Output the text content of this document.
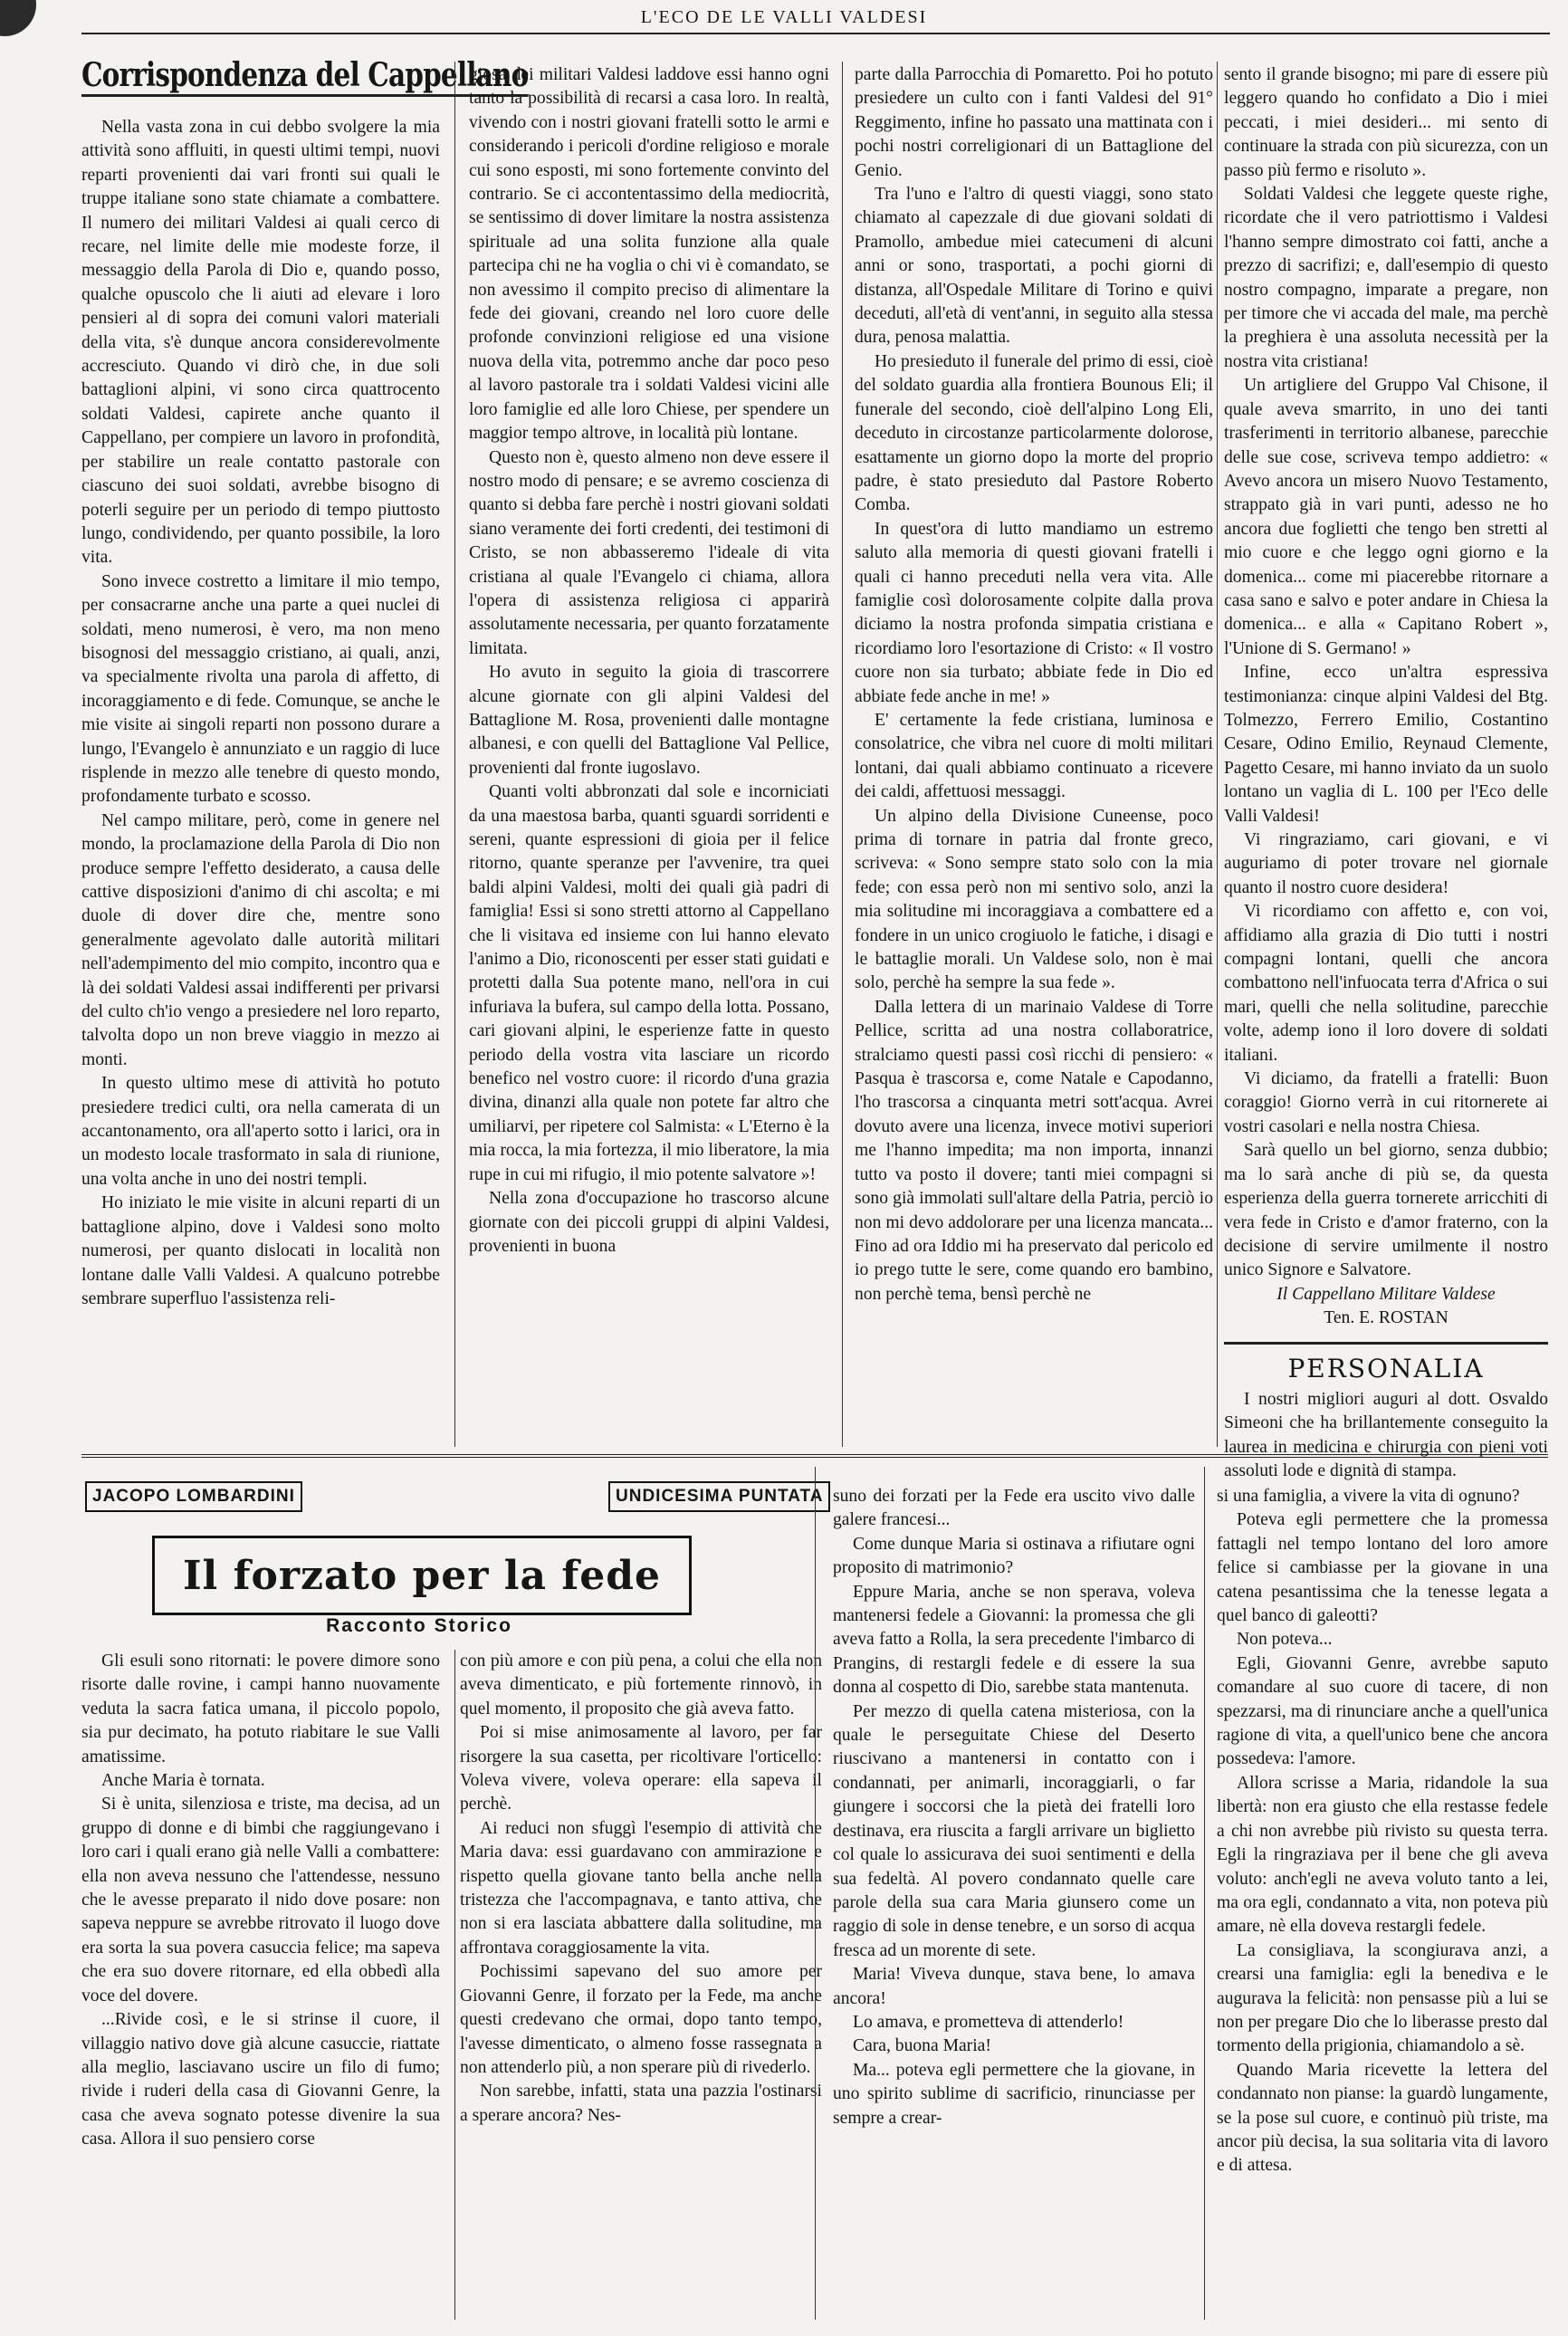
L'ECO DE LE VALLI VALDESI
Corrispondenza del Cappellano

Nella vasta zona in cui debbo svolgere la mia attività sono affluiti, in questi ultimi tempi, nuovi reparti provenienti dai vari fronti sui quali le truppe italiane sono state chiamate a combattere. Il numero dei militari Valdesi ai quali cerco di recare, nel limite delle mie modeste forze, il messaggio della Parola di Dio e, quando posso, qualche opuscolo che li aiuti ad elevare i loro pensieri al di sopra dei comuni valori materiali della vita, s'è dunque ancora considerevolmente accresciuto. Quando vi dirò che, in due soli battaglioni alpini, vi sono circa quattrocento soldati Valdesi, capirete anche quanto il Cappellano, per compiere un lavoro in profondità, per stabilire un reale contatto pastorale con ciascuno dei suoi soldati, avrebbe bisogno di poterli seguire per un periodo di tempo piuttosto lungo, condividendo, per quanto possibile, la loro vita.

Sono invece costretto a limitare il mio tempo, per consacrarne anche una parte a quei nuclei di soldati, meno numerosi, è vero, ma non meno bisognosi del messaggio cristiano, ai quali, anzi, va specialmente rivolta una parola di affetto, di incoraggiamento e di fede. Comunque, se anche le mie visite ai singoli reparti non possono durare a lungo, l'Evangelo è annunziato e un raggio di luce risplende in mezzo alle tenebre di questo mondo, profondamente turbato e scosso.

Nel campo militare, però, come in genere nel mondo, la proclamazione della Parola di Dio non produce sempre l'effetto desiderato, a causa delle cattive disposizioni d'animo di chi ascolta; e mi duole di dover dire che, mentre sono generalmente agevolato dalle autorità militari nell'adempimento del mio compito, incontro qua e là dei soldati Valdesi assai indifferenti per privarsi del culto ch'io vengo a presiedere nel loro reparto, talvolta dopo un non breve viaggio in mezzo ai monti.

In questo ultimo mese di attività ho potuto presiedere tredici culti, ora nella camerata di un accantonamento, ora all'aperto sotto i larici, ora in un modesto locale trasformato in sala di riunione, una volta anche in uno dei nostri templi.

Ho iniziato le mie visite in alcuni reparti di un battaglione alpino, dove i Valdesi sono molto numerosi, per quanto dislocati in località non lontane dalle Valli Valdesi. A qualcuno potrebbe sembrare superfluo l'assistenza reli-

giosa dei militari Valdesi laddove essi hanno ogni tanto la possibilità di recarsi a casa loro. In realtà, vivendo con i nostri giovani fratelli sotto le armi e considerando i pericoli d'ordine religioso e morale cui sono esposti, mi sono fortemente convinto del contrario. Se ci accontentassimo della mediocrità, se sentissimo di dover limitare la nostra assistenza spirituale ad una solita funzione alla quale partecipa chi ne ha voglia o chi vi è comandato, se non avessimo il compito preciso di alimentare la fede dei giovani, creando nel loro cuore delle profonde convinzioni religiose ed una visione nuova della vita, potremmo anche dar poco peso al lavoro pastorale tra i soldati Valdesi vicini alle loro famiglie ed alle loro Chiese, per spendere un maggior tempo altrove, in località più lontane.

Questo non è, questo almeno non deve essere il nostro modo di pensare; e se avremo coscienza di quanto si debba fare perchè i nostri giovani soldati siano veramente dei forti credenti, dei testimoni di Cristo, se non abbasseremo l'ideale di vita cristiana al quale l'Evangelo ci chiama, allora l'opera di assistenza religiosa ci apparirà assolutamente necessaria, per quanto forzatamente limitata.

Ho avuto in seguito la gioia di trascorrere alcune giornate con gli alpini Valdesi del Battaglione M. Rosa, provenienti dalle montagne albanesi, e con quelli del Battaglione Val Pellice, provenienti dal fronte iugoslavo.

Quanti volti abbronzati dal sole e incorniciati da una maestosa barba, quanti sguardi sorridenti e sereni, quante espressioni di gioia per il felice ritorno, quante speranze per l'avvenire, tra quei baldi alpini Valdesi, molti dei quali già padri di famiglia! Essi si sono stretti attorno al Cappellano che li visitava ed insieme con lui hanno elevato l'animo a Dio, riconoscenti per esser stati guidati e protetti dalla Sua potente mano, nell'ora in cui infuriava la bufera, sul campo della lotta. Possano, cari giovani alpini, le esperienze fatte in questo periodo della vostra vita lasciare un ricordo benefico nel vostro cuore: il ricordo d'una grazia divina, dinanzi alla quale non potete far altro che umiliarvi, per ripetere col Salmista: « L'Eterno è la mia rocca, la mia fortezza, il mio liberatore, la mia rupe in cui mi rifugio, il mio potente salvatore »!

Nella zona d'occupazione ho trascorso alcune giornate con dei piccoli gruppi di alpini Valdesi, provenienti in buona

parte dalla Parrocchia di Pomaretto. Poi ho potuto presiedere un culto con i fanti Valdesi del 91° Reggimento, infine ho passato una mattinata con i pochi nostri correligionari di un Battaglione del Genio.

Tra l'uno e l'altro di questi viaggi, sono stato chiamato al capezzale di due giovani soldati di Pramollo, ambedue miei catecumeni di alcuni anni or sono, trasportati, a pochi giorni di distanza, all'Ospedale Militare di Torino e quivi deceduti, all'età di vent'anni, in seguito alla stessa dura, penosa malattia.

Ho presieduto il funerale del primo di essi, cioè del soldato guardia alla frontiera Bounous Eli; il funerale del secondo, cioè dell'alpino Long Eli, deceduto in circostanze particolarmente dolorose, esattamente un giorno dopo la morte del proprio padre, è stato presieduto dal Pastore Roberto Comba.

In quest'ora di lutto mandiamo un estremo saluto alla memoria di questi giovani fratelli i quali ci hanno preceduti nella vera vita. Alle famiglie così dolorosamente colpite dalla prova diciamo la nostra profonda simpatia cristiana e ricordiamo loro l'esortazione di Cristo: « Il vostro cuore non sia turbato; abbiate fede in Dio ed abbiate fede anche in me! »

E' certamente la fede cristiana, luminosa e consolatrice, che vibra nel cuore di molti militari lontani, dai quali abbiamo continuato a ricevere dei caldi, affettuosi messaggi.

Un alpino della Divisione Cuneense, poco prima di tornare in patria dal fronte greco, scriveva: « Sono sempre stato solo con la mia fede; con essa però non mi sentivo solo, anzi la mia solitudine mi incoraggiava a combattere ed a fondere in un unico crogiuolo le fatiche, i disagi e le battaglie morali. Un Valdese solo, non è mai solo, perchè ha sempre la sua fede ».

Dalla lettera di un marinaio Valdese di Torre Pellice, scritta ad una nostra collaboratrice, stralciamo questi passi così ricchi di pensiero: « Pasqua è trascorsa e, come Natale e Capodanno, l'ho trascorsa a cinquanta metri sott'acqua. Avrei dovuto avere una licenza, invece motivi superiori me l'hanno impedita; ma non importa, innanzi tutto va posto il dovere; tanti miei compagni si sono già immolati sull'altare della Patria, perciò io non mi devo addolorare per una licenza mancata... Fino ad ora Iddio mi ha preservato dal pericolo ed io prego tutte le sere, come quando ero bambino, non perchè tema, bensì perchè ne

sento il grande bisogno; mi pare di essere più leggero quando ho confidato a Dio i miei peccati, i miei desideri... mi sento di continuare la strada con più sicurezza, con un passo più fermo e risoluto ».

Soldati Valdesi che leggete queste righe, ricordate che il vero patriottismo i Valdesi l'hanno sempre dimostrato coi fatti, anche a prezzo di sacrifizi; e, dall'esempio di questo nostro compagno, imparate a pregare, non per timore che vi accada del male, ma perchè la preghiera è una assoluta necessità per la nostra vita cristiana!

Un artigliere del Gruppo Val Chisone, il quale aveva smarrito, in uno dei tanti trasferimenti in territorio albanese, parecchie delle sue cose, scriveva tempo addietro: « Avevo ancora un misero Nuovo Testamento, strappato già in vari punti, adesso ne ho ancora due foglietti che tengo ben stretti al mio cuore e che leggo ogni giorno e la domenica... come mi piacerebbe ritornare a casa sano e salvo e poter andare in Chiesa la domenica... e alla « Capitano Robert », l'Unione di S. Germano! »

Infine, ecco un'altra espressiva testimonianza: cinque alpini Valdesi del Btg. Tolmezzo, Ferrero Emilio, Costantino Cesare, Odino Emilio, Reynaud Clemente, Pagetto Cesare, mi hanno inviato da un suolo lontano un vaglia di L. 100 per l'Eco delle Valli Valdesi!

Vi ringraziamo, cari giovani, e vi auguriamo di poter trovare nel giornale quanto il nostro cuore desidera!

Vi ricordiamo con affetto e, con voi, affidiamo alla grazia di Dio tutti i nostri compagni lontani, quelli che ancora combattono nell'infuocata terra d'Africa o sui mari, quelli che nella solitudine, parecchie volte, ademp iono il loro dovere di soldati italiani.

Vi diciamo, da fratelli a fratelli: Buon coraggio! Giorno verrà in cui ritornerete ai vostri casolari e nella nostra Chiesa.

Sarà quello un bel giorno, senza dubbio; ma lo sarà anche di più se, da questa esperienza della guerra tornerete arricchiti di vera fede in Cristo e d'amor fraterno, con la decisione di servire umilmente il nostro unico Signore e Salvatore.

Il Cappellano Militare Valdese
Ten. E. ROSTAN
PERSONALIA

I nostri migliori auguri al dott. Osvaldo Simeoni che ha brillantemente conseguito la laurea in medicina e chirurgia con pieni voti assoluti lode e dignità di stampa.

JACOPO LOMBARDINI	UNDICESIMA PUNTATA
Il forzato per la fede
Racconto Storico

Gli esuli sono ritornati: le povere dimore sono risorte dalle rovine, i campi hanno nuovamente veduta la sacra fatica umana, il piccolo popolo, sia pur decimato, ha potuto riabitare le sue Valli amatissime.

Anche Maria è tornata.

Si è unita, silenziosa e triste, ma decisa, ad un gruppo di donne e di bimbi che raggiungevano i loro cari i quali erano già nelle Valli a combattere: ella non aveva nessuno che l'attendesse, nessuno che le avesse preparato il nido dove posare: non sapeva neppure se avrebbe ritrovato il luogo dove era sorta la sua povera casuccia felice; ma sapeva che era suo dovere ritornare, ed ella obbedì alla voce del dovere.

...Rivide così, e le si strinse il cuore, il villaggio nativo dove già alcune casuccie, riattate alla meglio, lasciavano uscire un filo di fumo; rivide i ruderi della casa di Giovanni Genre, la casa che aveva sognato potesse divenire la sua casa. Allora il suo pensiero corse

con più amore e con più pena, a colui che ella non aveva dimenticato, e più fortemente rinnovò, in quel momento, il proposito che già aveva fatto.

Poi si mise animosamente al lavoro, per far risorgere la sua casetta, per ricoltivare l'orticello: Voleva vivere, voleva operare: ella sapeva il perchè.

Ai reduci non sfuggì l'esempio di attività che Maria dava: essi guardavano con ammirazione e rispetto quella giovane tanto bella anche nella tristezza che l'accompagnava, e tanto attiva, che non si era lasciata abbattere dalla solitudine, ma affrontava coraggiosamente la vita.

Pochissimi sapevano del suo amore per Giovanni Genre, il forzato per la Fede, ma anche questi credevano che ormai, dopo tanto tempo, l'avesse dimenticato, o almeno fosse rassegnata a non attenderlo più, a non sperare più di rivederlo.

Non sarebbe, infatti, stata una pazzia l'ostinarsi a sperare ancora? Nes-

suno dei forzati per la Fede era uscito vivo dalle galere francesi...

Come dunque Maria si ostinava a rifiutare ogni proposito di matrimonio?

Eppure Maria, anche se non sperava, voleva mantenersi fedele a Giovanni: la promessa che gli aveva fatto a Rolla, la sera precedente l'imbarco di Prangins, di restargli fedele e di essere la sua donna al cospetto di Dio, sarebbe stata mantenuta.

Per mezzo di quella catena misteriosa, con la quale le perseguitate Chiese del Deserto riuscivano a mantenersi in contatto con i condannati, per animarli, incoraggiarli, o far giungere i soccorsi che la pietà dei fratelli loro destinava, era riuscita a fargli arrivare un biglietto col quale lo assicurava dei suoi sentimenti e della sua fedeltà. Al povero condannato quelle care parole della sua cara Maria giunsero come un raggio di sole in dense tenebre, e un sorso di acqua fresca ad un morente di sete.

Maria! Viveva dunque, stava bene, lo amava ancora!

Lo amava, e prometteva di attenderlo!

Cara, buona Maria!

Ma... poteva egli permettere che la giovane, in uno spirito sublime di sacrificio, rinunciasse per sempre a crear-

si una famiglia, a vivere la vita di ognuno?

Poteva egli permettere che la promessa fattagli nel tempo lontano del loro amore felice si cambiasse per la giovane in una catena pesantissima che la tenesse legata a quel banco di galeotti?

Non poteva...

Egli, Giovanni Genre, avrebbe saputo comandare al suo cuore di tacere, di non spezzarsi, ma di rinunciare anche a quell'unica ragione di vita, a quell'unico bene che ancora possedeva: l'amore.

Allora scrisse a Maria, ridandole la sua libertà: non era giusto che ella restasse fedele a chi non avrebbe più rivisto su questa terra. Egli la ringraziava per il bene che gli aveva voluto: anch'egli ne aveva voluto tanto a lei, ma ora egli, condannato a vita, non poteva più amare, nè ella doveva restargli fedele.

La consigliava, la scongiurava anzi, a crearsi una famiglia: egli la benediva e le augurava la felicità: non pensasse più a lui se non per pregare Dio che lo liberasse presto dal tormento della prigionia, chiamandolo a sè.

Quando Maria ricevette la lettera del condannato non pianse: la guardò lungamente, se la pose sul cuore, e continuò più triste, ma ancor più decisa, la sua solitaria vita di lavoro e di attesa.
